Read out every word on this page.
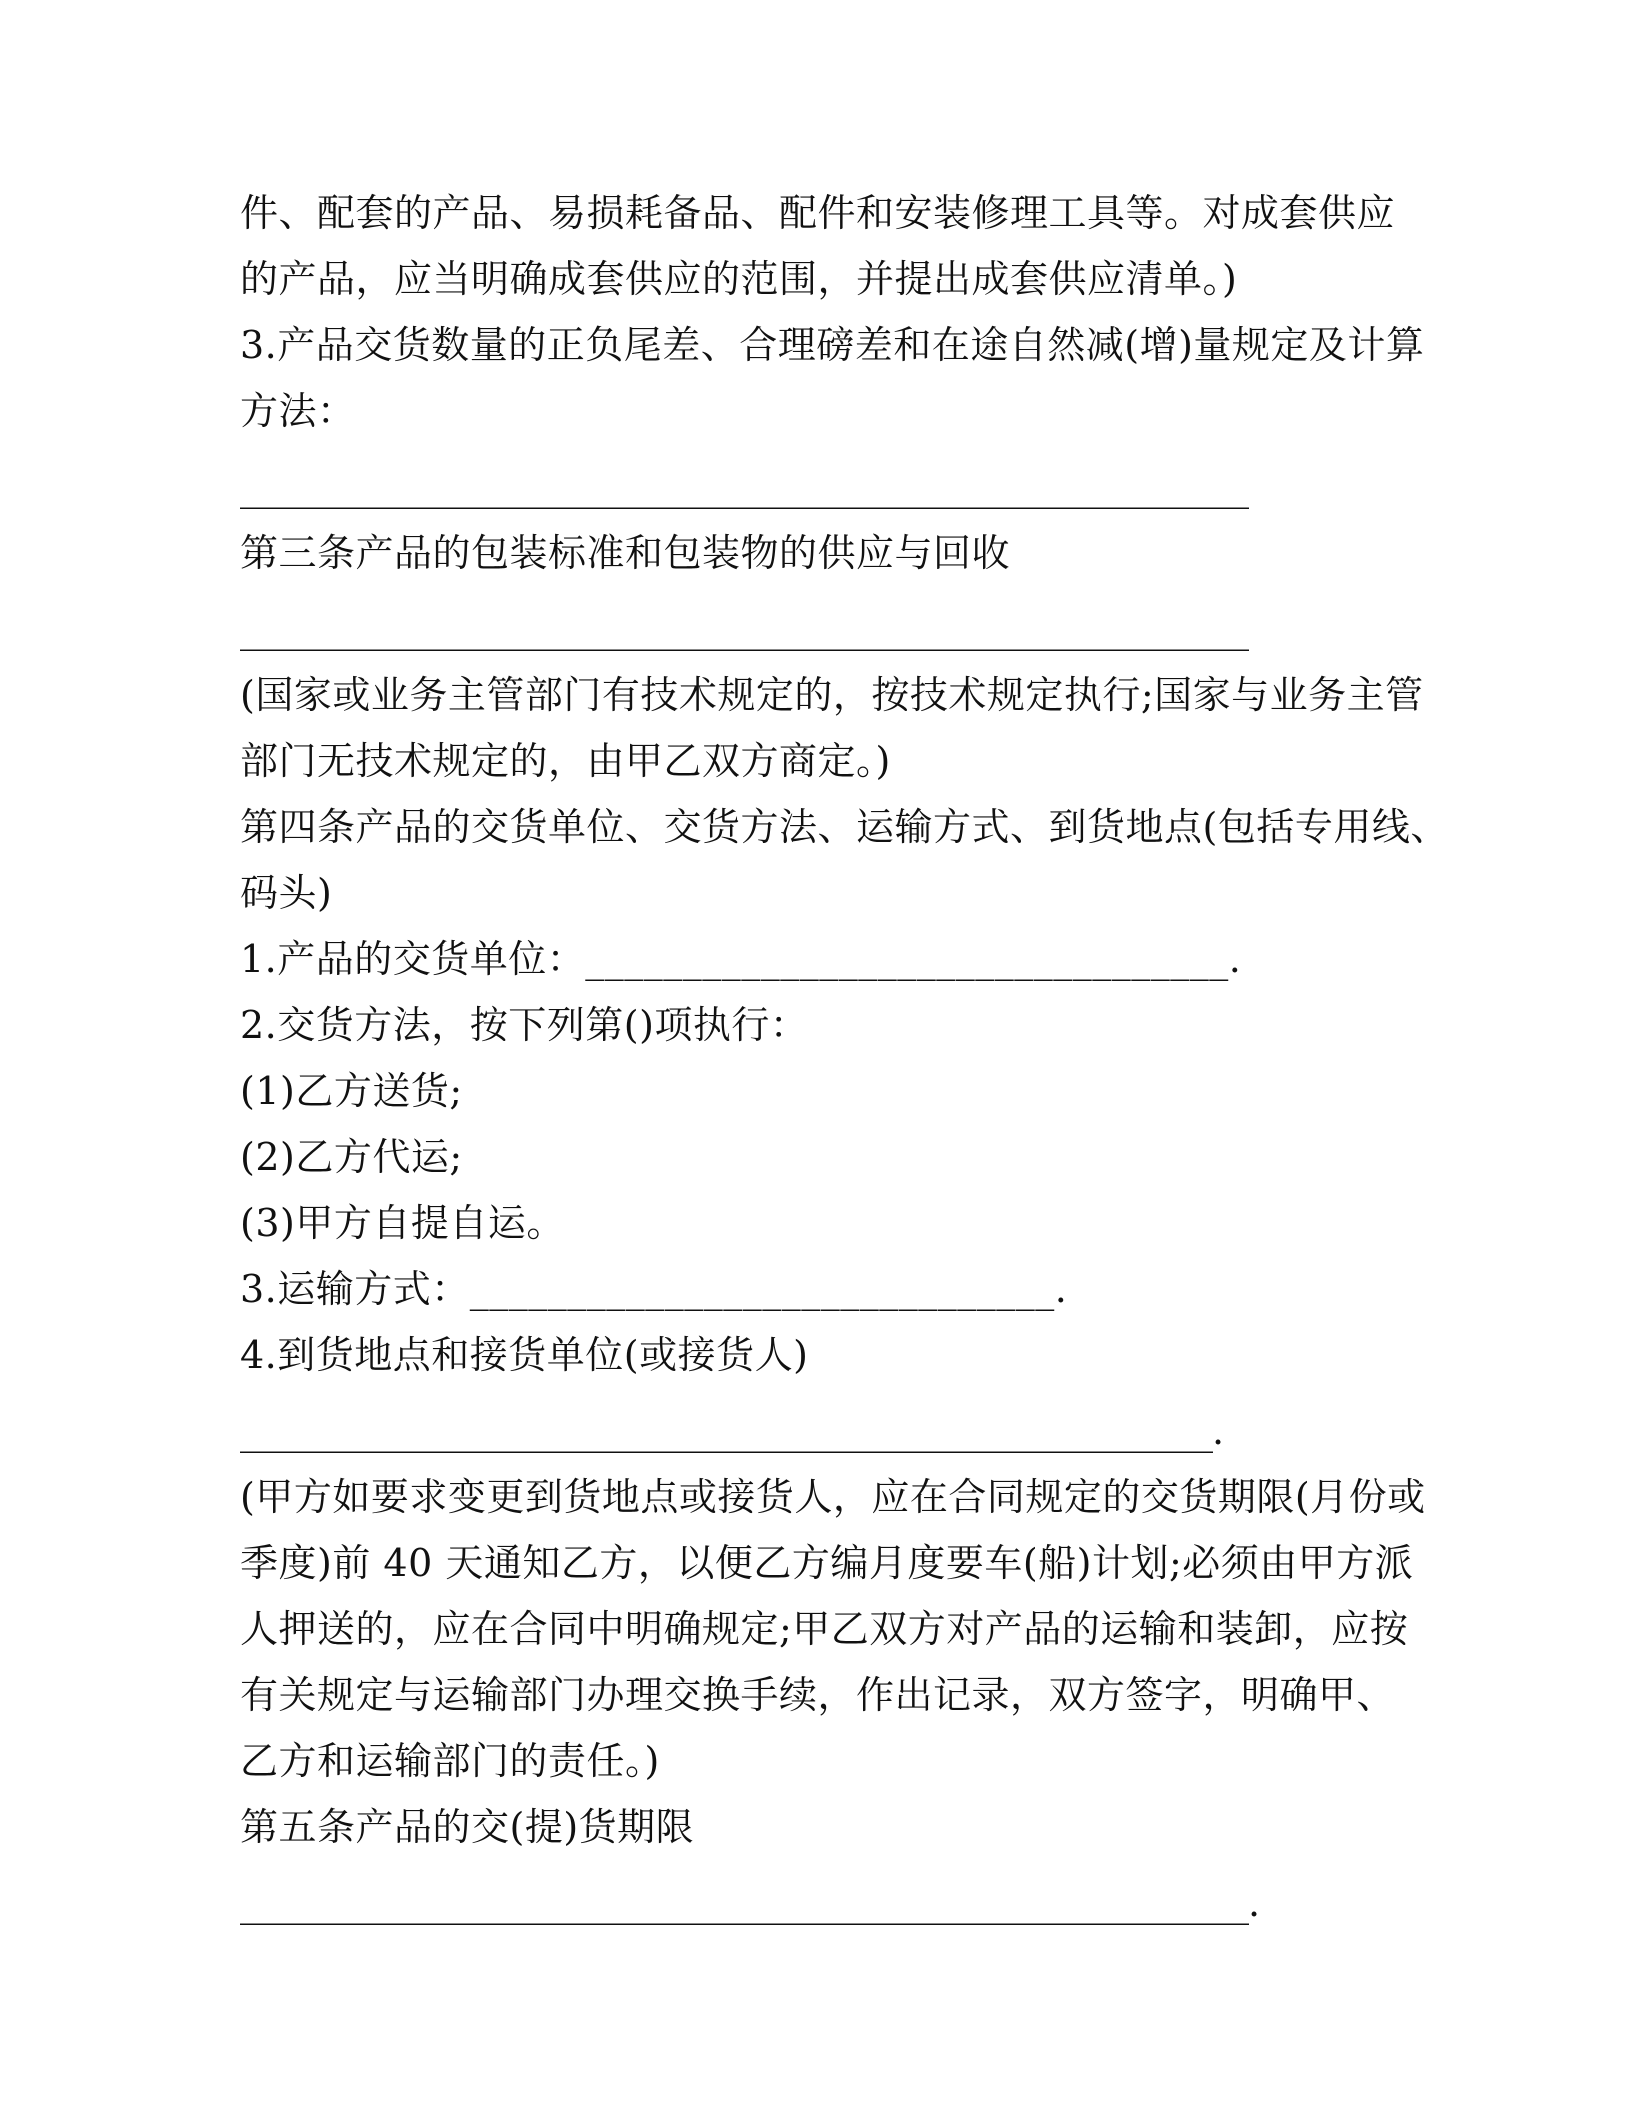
件、配套的产品、易损耗备品、配件和安装修理工具等。对成套供应
的产品，应当明确成套供应的范围，并提出成套供应清单。)
3.产品交货数量的正负尾差、合理磅差和在途自然减(增)量规定及计算
方法：
________________________________________________________
第三条产品的包装标准和包装物的供应与回收
________________________________________________________
(国家或业务主管部门有技术规定的，按技术规定执行;国家与业务主管
部门无技术规定的，由甲乙双方商定。)
第四条产品的交货单位、交货方法、运输方式、到货地点(包括专用线、
码头)
1.产品的交货单位：_________________________________.
2.交货方法，按下列第()项执行：
(1)乙方送货;
(2)乙方代运;
(3)甲方自提自运。
3.运输方式：______________________________.
4.到货地点和接货单位(或接货人)
______________________________________________________.
(甲方如要求变更到货地点或接货人，应在合同规定的交货期限(月份或
季度)前 40 天通知乙方，以便乙方编月度要车(船)计划;必须由甲方派
人押送的，应在合同中明确规定;甲乙双方对产品的运输和装卸，应按
有关规定与运输部门办理交换手续，作出记录，双方签字，明确甲、
乙方和运输部门的责任。)
第五条产品的交(提)货期限
________________________________________________________.
